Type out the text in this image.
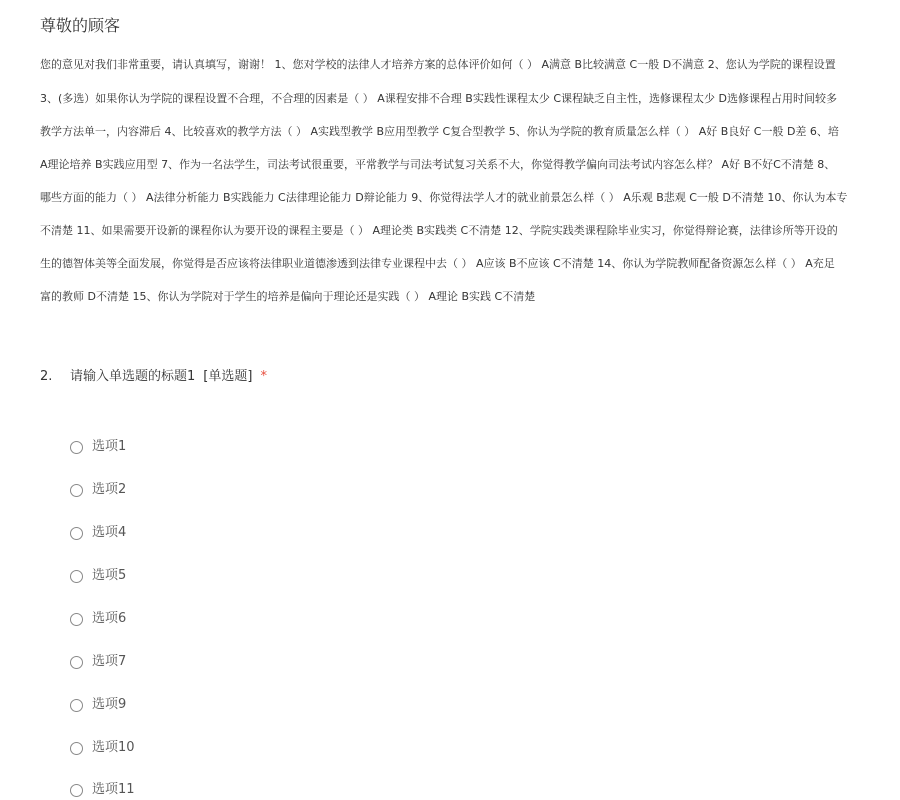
尊敬的顾客
您的意见对我们非常重要，请认真填写，谢谢！ 1、您对学校的法律人才培养方案的总体评价如何（ ） A满意 B比较满意 C一般 D不满意 2、您认为学院的课程设置
3、(多选）如果你认为学院的课程设置不合理，不合理的因素是（ ） A课程安排不合理 B实践性课程太少 C课程缺乏自主性，选修课程太少 D选修课程占用时间较多
教学方法单一，内容滞后 4、比较喜欢的教学方法（ ） A实践型教学 B应用型教学 C复合型教学 5、你认为学院的教育质量怎么样（ ） A好 B良好 C一般 D差 6、培
A理论培养 B实践应用型 7、作为一名法学生，司法考试很重要，平常教学与司法考试复习关系不大，你觉得教学偏向司法考试内容怎么样？ A好 B不好C不清楚 8、
哪些方面的能力（ ） A法律分析能力 B实践能力 C法律理论能力 D辩论能力 9、你觉得法学人才的就业前景怎么样（ ） A乐观 B悲观 C一般 D不清楚 10、你认为本专
不清楚 11、如果需要开设新的课程你认为要开设的课程主要是（ ） A理论类 B实践类 C不清楚 12、学院实践类课程除毕业实习，你觉得辩论赛，法律诊所等开设的
生的德智体美等全面发展，你觉得是否应该将法律职业道德渗透到法律专业课程中去（ ） A应该 B不应该 C不清楚 14、你认为学院教师配备资源怎么样（ ） A充足
富的教师 D不清楚 15、你认为学院对于学生的培养是偏向于理论还是实践（ ） A理论 B实践 C不清楚
2. 请输入单选题的标题1 [单选题] *
选项1
选项2
选项4
选项5
选项6
选项7
选项9
选项10
选项11
